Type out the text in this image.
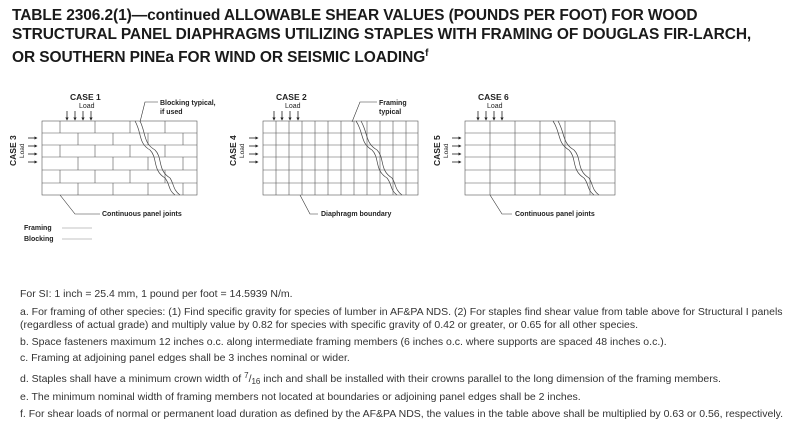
TABLE 2306.2(1)—continued ALLOWABLE SHEAR VALUES (POUNDS PER FOOT) FOR WOOD
STRUCTURAL PANEL DIAPHRAGMS UTILIZING STAPLES WITH FRAMING OF DOUGLAS FIR-LARCH,
OR SOUTHERN PINEa FOR WIND OR SEISMIC LOADING$^f$
CASE 1
Load	Blocking typical,
if used
CASE 3 Load
Continuous panel joints
CASE 2
Load	Framing
typical
CASE 4 Load
Diaphragm boundary
CASE 6
Load
CASE 5 Load
Continuous panel joints
Framing
Blocking

For SI: 1 inch = 25.4 mm, 1 pound per foot = 14.5939 N/m.

a. For framing of other species: (1) Find specific gravity for species of lumber in AF&PA NDS. (2) For staples find shear value from table above for Structural I panels (regardless of actual grade) and multiply value by 0.82 for species with specific gravity of 0.42 or greater, or 0.65 for all other species.

b. Space fasteners maximum 12 inches o.c. along intermediate framing members (6 inches o.c. where supports are spaced 48 inches o.c.).

c. Framing at adjoining panel edges shall be 3 inches nominal or wider.

d. Staples shall have a minimum crown width of $^7$/16 inch and shall be installed with their crowns parallel to the long dimension of the framing members.

e. The minimum nominal width of framing members not located at boundaries or adjoining panel edges shall be 2 inches.

f. For shear loads of normal or permanent load duration as defined by the AF&PA NDS, the values in the table above shall be multiplied by 0.63 or 0.56, respectively.
